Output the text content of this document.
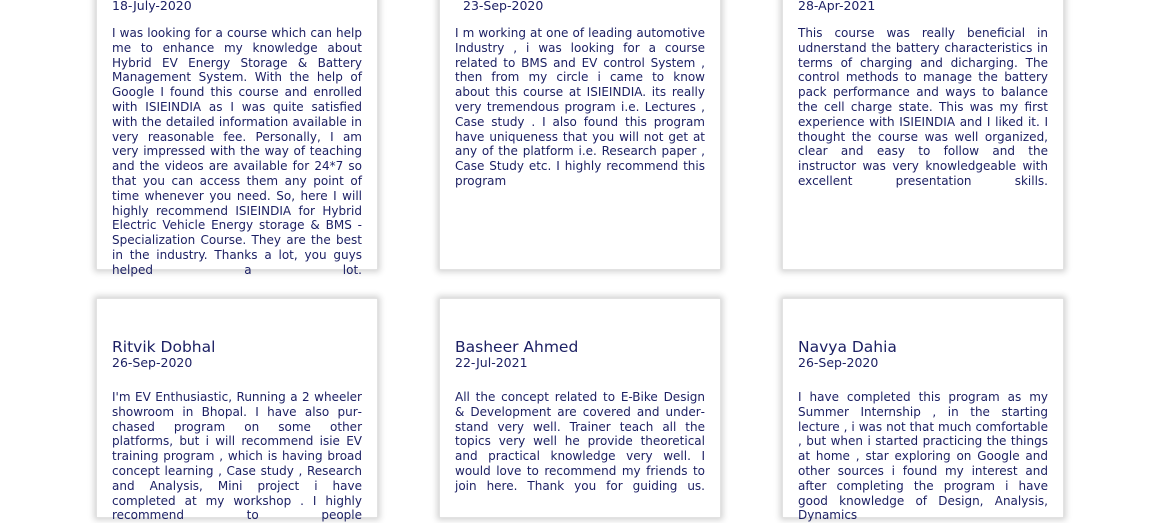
18-July-2020

I was looking for a course which can help me to enhance my knowledge about Hybrid EV Energy Storage & Battery Management System. With the help of Google I found this course and enrolled with ISIEINDIA as I was quite satisfied with the detailed information available in very reasonable fee. Personally, I am very impressed with the way of teaching and the videos are available for 24*7 so that you can access them any point of time whenever you need. So, here I will highly recommend ISIEINDIA for Hybrid Electric Vehicle Energy storage & BMS - Specialization Course. They are the best in the industry. Thanks a lot, you guys helped a lot.

23-Sep-2020

I m working at one of leading automotive Industry , i was looking for a course related to BMS and EV control System , then from my circle i came to know about this course at ISIEINDIA. its really very tremendous program i.e. Lectures , Case study . I also found this program have uniqueness that you will not get at any of the platform i.e. Research paper , Case Study etc. I highly recommend this program

28-Apr-2021

This course was really beneficial in udnerstand the battery characteristics in terms of charging and dicharging. The control methods to manage the battery pack performance and ways to balance the cell charge state. This was my first experience with ISIEINDIA and I liked it. I thought the course was well organized, clear and easy to follow and the instructor was very knowledgeable with excellent presentation skills.

Ritvik Dobhal
26-Sep-2020

I'm EV Enthusiastic, Running a 2 wheeler showroom in Bhopal. I have also purchased program on some other platforms, but i will recommend isie EV training program , which is having broad concept learning , Case study , Research and Analysis, Mini project i have completed at my workshop . I highly recommend to people

Basheer Ahmed
22-Jul-2021

All the concept related to E-Bike Design & Development are covered and understand very well. Trainer teach all the topics very well he provide theoretical and practical knowledge very well. I would love to recommend my friends to join here. Thank you for guiding us.

Navya Dahia
26-Sep-2020

I have completed this program as my Summer Internship , in the starting lecture , i was not that much comfortable , but when i started practicing the things at home , star exploring on Google and other sources i found my interest and after completing the program i have good knowledge of Design, Analysis, Dynamics
